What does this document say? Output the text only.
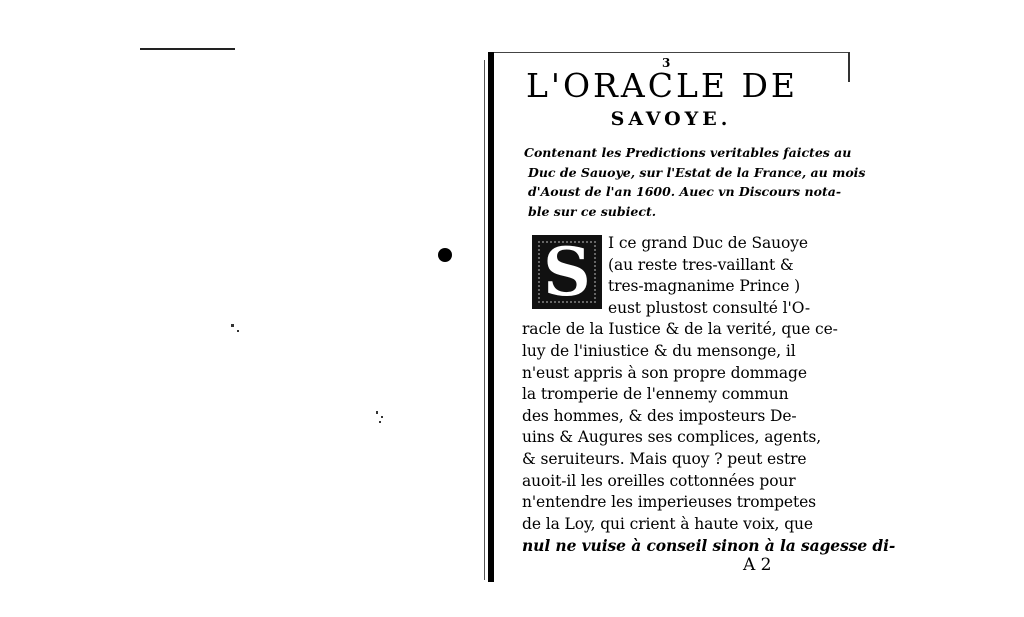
3
L'ORACLE DE
SAVOYE.
Contenant les Predictions veritables faictes au
Duc de Sauoye, sur l'Estat de la France, au mois
d'Aoust de l'an 1600. Auec vn Discours nota-
ble sur ce subiect.
S	I ce grand Duc de Sauoye
(au reste tres-vaillant &
tres-magnanime Prince )
eust plustost consulté l'O-
racle de la Iustice & de la verité, que ce-
luy de l'iniustice & du mensonge, il
n'eust appris à son propre dommage
la tromperie de l'ennemy commun
des hommes, & des imposteurs De-
uins & Augures ses complices, agents,
& seruiteurs. Mais quoy ? peut estre
auoit-il les oreilles cottonnées pour
n'entendre les imperieuses trompetes
de la Loy, qui crient à haute voix, que
nul ne vuise à conseil sinon à la sagesse di-
A 2
